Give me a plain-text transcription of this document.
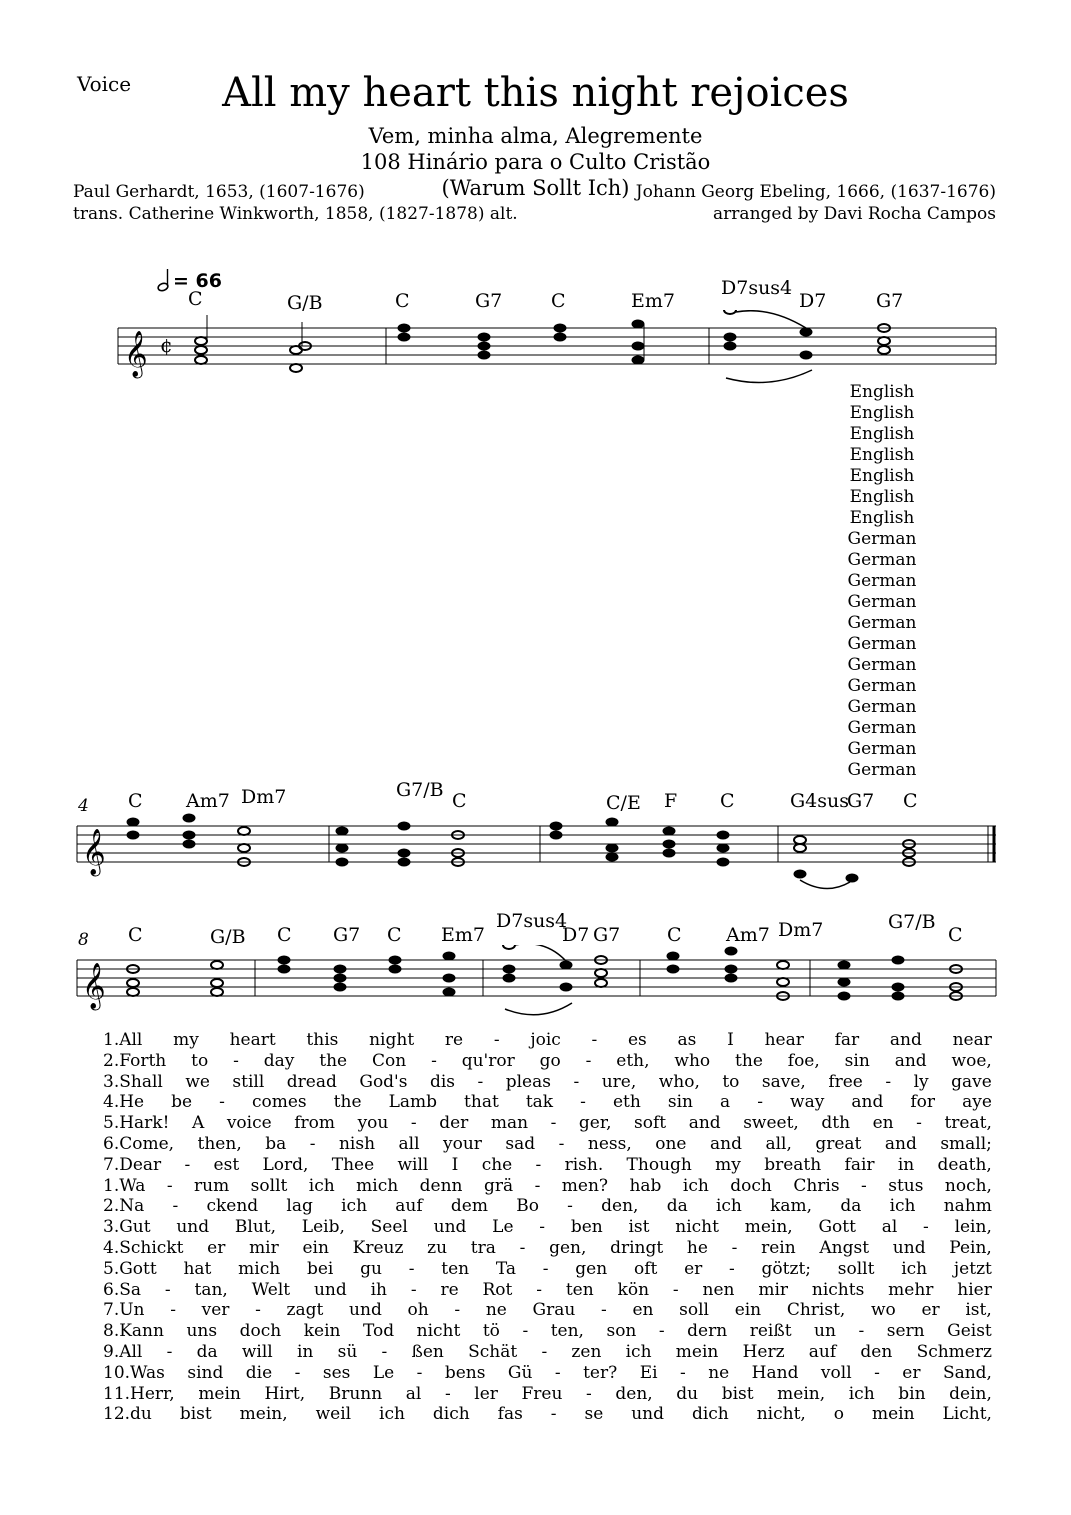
Voice	All my heart this night rejoices
Vem, minha alma, Alegremente
108 Hinário para o Culto Cristão
(Warum Sollt Ich)
Paul Gerhardt, 1653, (1607-1676)
trans. Catherine Winkworth, 1858, (1827-1878) alt.
Johann Georg Ebeling, 1666, (1637-1676)
arranged by Davi Rocha Campos
= 66
C	G/B	C	G7	C	Em7
D7sus4
D7	G7
𝄞 ¢
English
English
English
English
English
English
English
German
German
German
German
German
German
German
German
German
German
German
German
4 C Am7 Dm7	G7/B C	C/E F C	G4sus
G7 C
𝄞
8 C	G/B C G7 C Em7
D7sus4
D7 G7 C Am7 Dm7	G7/B
C
𝄞
1.All my heart this night re - joic - es as I hear far and near
2.Forth to - day the Con - qu'ror go - eth, who the foe, sin and woe,
3.Shall we still dread God's dis - pleas - ure, who, to save, free - ly gave
4.He be - comes the Lamb that tak - eth sin a - way and for aye
5.Hark! A voice from you - der man - ger, soft and sweet, dth en - treat,
6.Come, then, ba - nish all your sad - ness, one and all, great and small;
7.Dear - est Lord, Thee will I che - rish. Though my breath fair in death,
1.Wa - rum sollt ich mich denn grä - men? hab ich doch Chris - stus noch,
2.Na - ckend lag ich auf dem Bo - den, da ich kam, da ich nahm
3.Gut und Blut, Leib, Seel und Le - ben ist nicht mein, Gott al - lein,
4.Schickt er mir ein Kreuz zu tra - gen, dringt he - rein Angst und Pein,
5.Gott hat mich bei gu - ten Ta - gen oft er - götzt; sollt ich jetzt
6.Sa - tan, Welt und ih - re Rot - ten kön - nen mir nichts mehr hier
7.Un - ver - zagt und oh - ne Grau - en soll ein Christ, wo er ist,
8.Kann uns doch kein Tod nicht tö - ten, son - dern reißt un - sern Geist
9.All - da will in sü - ßen Schät - zen ich mein Herz auf den Schmerz
10.Was sind die - ses Le - bens Gü - ter? Ei - ne Hand voll - er Sand,
11.Herr, mein Hirt, Brunn al - ler Freu - den, du bist mein, ich bin dein,
12.du bist mein, weil ich dich fas - se und dich nicht, o mein Licht,
